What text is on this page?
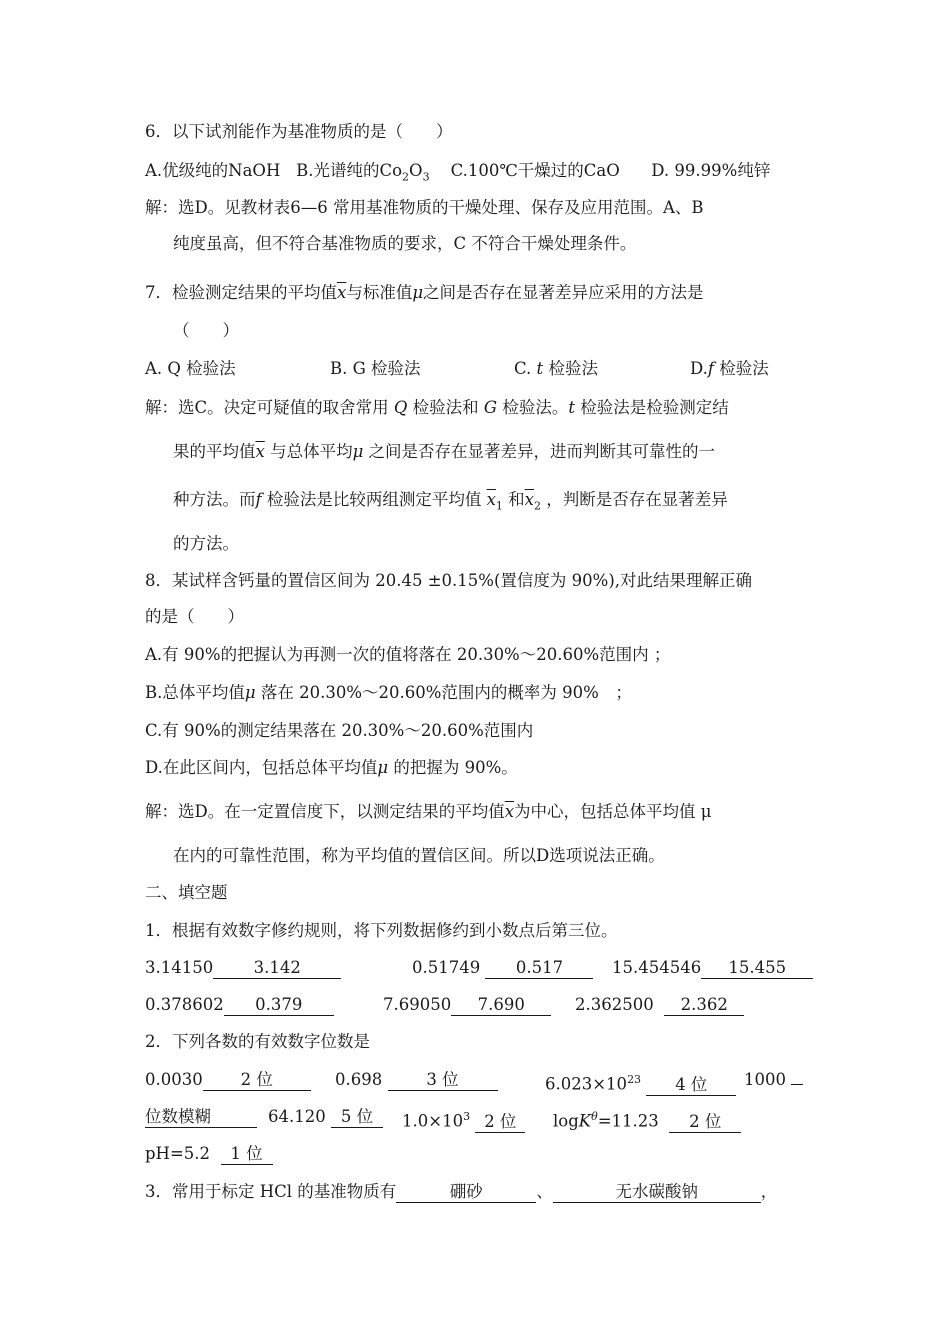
6．以下试剂能作为基准物质的是（　　）
A.优级纯的NaOH B.光谱纯的$Co_2O_3$ C.100℃干燥过的CaO D. 99.99%纯锌
解：选D。见教材表6—6 常用基准物质的干燥处理、保存及应用范围。A、B
纯度虽高，但不符合基准物质的要求，C 不符合干燥处理条件。
7．检验测定结果的平均值$\overline{x}$与标准值μ之间是否存在显著差异应采用的方法是
（　　）
A. Q 检验法	B. G 检验法	C. t 检验法	D.f 检验法
解：选C。决定可疑值的取舍常用 Q 检验法和 G 检验法。t 检验法是检验测定结
果的平均值$\overline{x}$ 与总体平均μ 之间是否存在显著差异，进而判断其可靠性的一
种方法。而f 检验法是比较两组测定平均值 $\overline{x}_1$ 和$\overline{x}_2$ ，判断是否存在显著差异
的方法。
8．某试样含钙量的置信区间为 20.45 ±0.15%(置信度为 90%),对此结果理解正确
的是（　　）
A.有 90%的把握认为再测一次的值将落在 20.30%～20.60%范围内 ；
B.总体平均值μ 落在 20.30%～20.60%范围内的概率为 90%　；
C.有 90%的测定结果落在 20.30%～20.60%范围内
D.在此区间内，包括总体平均值μ 的把握为 90%。
解：选D。在一定置信度下，以测定结果的平均值$\overline{x}$为中心，包括总体平均值 μ
在内的可靠性范围，称为平均值的置信区间。所以D选项说法正确。
二、填空题
1．根据有效数字修约规则，将下列数据修约到小数点后第三位。
3.14150 3.142	0.51749 0.517	15.454546 15.455
0.378602 0.379	7.69050 7.690	2.362500 2.362
2．下列各数的有效数字位数是
0.0030 2 位	0.698	3 位	$6.023\times 10^{23}$ 4 位	1000
位数模糊	64.120 5 位	$1.0\times 10^3$ 2 位	logK$^\theta$=11.23 2 位
pH=5.2 1 位
3．常用于标定 HCl 的基准物质有	硼砂	、	无水碳酸钠	，
